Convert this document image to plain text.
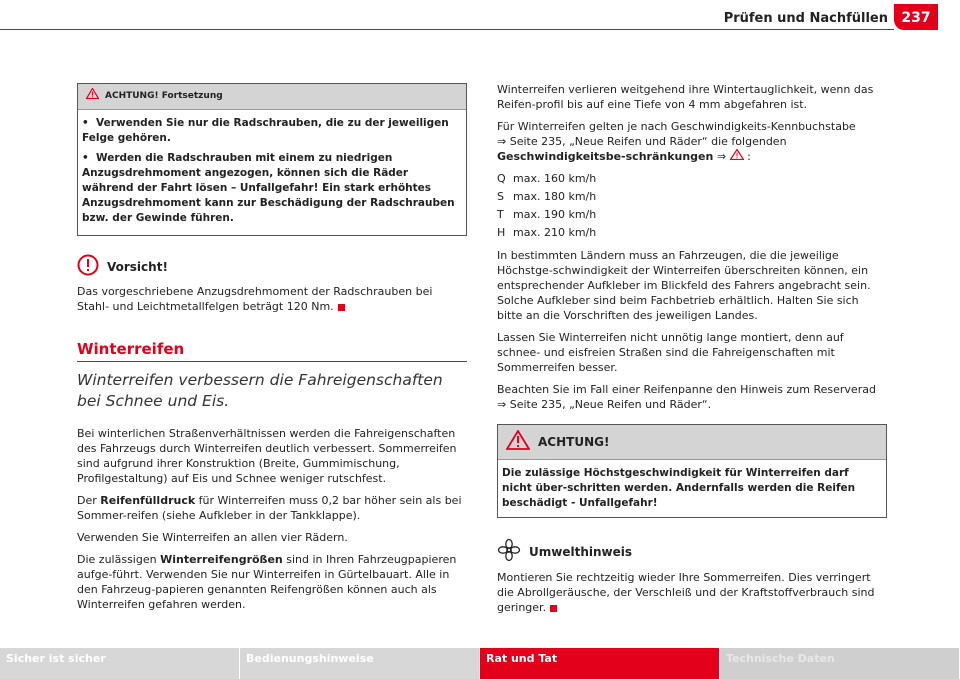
Prüfen und Nachfüllen 237
ACHTUNG! Fortsetzung
•  Verwenden Sie nur die Radschrauben, die zu der jeweiligen Felge gehören.
•  Werden die Radschrauben mit einem zu niedrigen Anzugsdrehmoment angezogen, können sich die Räder während der Fahrt lösen – Unfallgefahr! Ein stark erhöhtes Anzugsdrehmoment kann zur Beschädigung der Radschrauben bzw. der Gewinde führen.
Vorsicht!

Das vorgeschriebene Anzugsdrehmoment der Radschrauben bei Stahl- und Leichtmetallfelgen beträgt 120 Nm.

Winterreifen
Winterreifen verbessern die Fahreigenschaften bei Schnee und Eis.

Bei winterlichen Straßenverhältnissen werden die Fahreigenschaften des Fahrzeugs durch Winterreifen deutlich verbessert. Sommerreifen sind aufgrund ihrer Konstruktion (Breite, Gummimischung, Profilgestaltung) auf Eis und Schnee weniger rutschfest.

Der Reifenfülldruck für Winterreifen muss 0,2 bar höher sein als bei Sommer-reifen (siehe Aufkleber in der Tankklappe).

Verwenden Sie Winterreifen an allen vier Rädern.

Die zulässigen Winterreifengrößen sind in Ihren Fahrzeugpapieren aufge-führt. Verwenden Sie nur Winterreifen in Gürtelbauart. Alle in den Fahrzeug-papieren genannten Reifengrößen können auch als Winterreifen gefahren werden.

Winterreifen verlieren weitgehend ihre Wintertauglichkeit, wenn das Reifen-profil bis auf eine Tiefe von 4 mm abgefahren ist.

Für Winterreifen gelten je nach Geschwindigkeits-Kennbuchstabe
⇒ Seite 235, „Neue Reifen und Räder“ die folgenden Geschwindigkeitsbe-schränkungen ⇒  :

Q max. 160 km/h
S max. 180 km/h
T max. 190 km/h
H max. 210 km/h

In bestimmten Ländern muss an Fahrzeugen, die die jeweilige Höchstge-schwindigkeit der Winterreifen überschreiten können, ein entsprechender Aufkleber im Blickfeld des Fahrers angebracht sein. Solche Aufkleber sind beim Fachbetrieb erhältlich. Halten Sie sich bitte an die Vorschriften des jeweiligen Landes.

Lassen Sie Winterreifen nicht unnötig lange montiert, denn auf schnee- und eisfreien Straßen sind die Fahreigenschaften mit Sommerreifen besser.

Beachten Sie im Fall einer Reifenpanne den Hinweis zum Reserverad
⇒ Seite 235, „Neue Reifen und Räder“.

ACHTUNG!
Die zulässige Höchstgeschwindigkeit für Winterreifen darf nicht über-schritten werden. Andernfalls werden die Reifen beschädigt - Unfallgefahr!
Umwelthinweis

Montieren Sie rechtzeitig wieder Ihre Sommerreifen. Dies verringert die Abrollgeräusche, der Verschleiß und der Kraftstoffverbrauch sind geringer.

Sicher ist sicher	Bedienungshinweise	Rat und Tat	Technische Daten
